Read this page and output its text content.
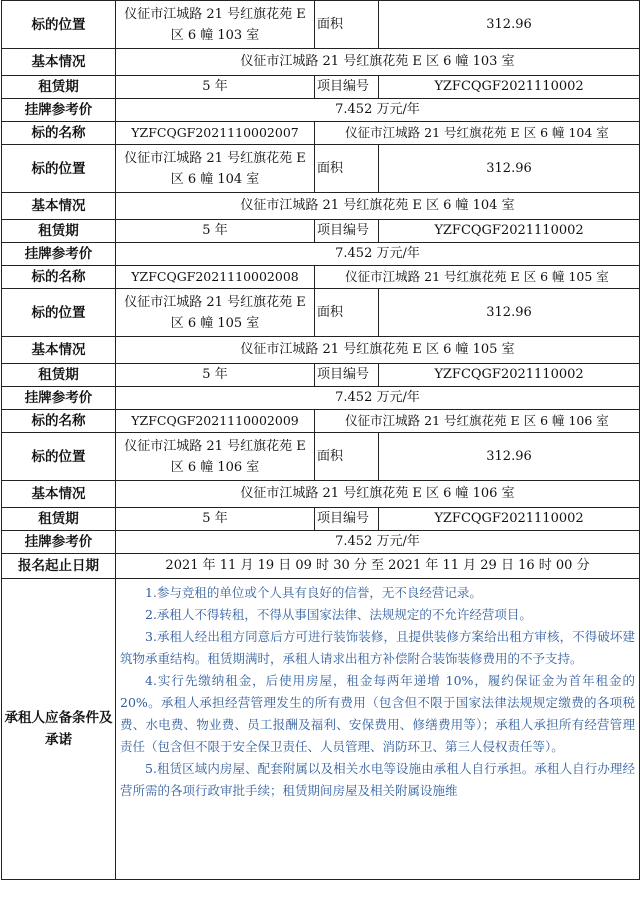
标的位置	仪征市江城路 21 号红旗花苑 E 区 6 幢 103 室	面积	312.96
基本情况	仪征市江城路 21 号红旗花苑 E 区 6 幢 103 室		
租赁期	5 年	项目编号	YZFCQGF2021110002
挂牌参考价	7.452 万元/年		
标的名称	YZFCQGF2021110002007	仪征市江城路 21 号红旗花苑 E 区 6 幢 104 室	
标的位置	仪征市江城路 21 号红旗花苑 E 区 6 幢 104 室	面积	312.96
基本情况	仪征市江城路 21 号红旗花苑 E 区 6 幢 104 室		
租赁期	5 年	项目编号	YZFCQGF2021110002
挂牌参考价	7.452 万元/年		
标的名称	YZFCQGF2021110002008	仪征市江城路 21 号红旗花苑 E 区 6 幢 105 室	
标的位置	仪征市江城路 21 号红旗花苑 E 区 6 幢 105 室	面积	312.96
基本情况	仪征市江城路 21 号红旗花苑 E 区 6 幢 105 室		
租赁期	5 年	项目编号	YZFCQGF2021110002
挂牌参考价	7.452 万元/年		
标的名称	YZFCQGF2021110002009	仪征市江城路 21 号红旗花苑 E 区 6 幢 106 室	
标的位置	仪征市江城路 21 号红旗花苑 E 区 6 幢 106 室	面积	312.96
基本情况	仪征市江城路 21 号红旗花苑 E 区 6 幢 106 室		
租赁期	5 年	项目编号	YZFCQGF2021110002
挂牌参考价	7.452 万元/年		
报名起止日期	2021 年 11 月 19 日 09 时 30 分 至 2021 年 11 月 29 日 16 时 00 分		
承租人应备条件及承诺	1.参与竞租的单位或个人具有良好的信誉，无不良经营记录。

2.承租人不得转租，不得从事国家法律、法规规定的不允许经营项目。

3.承租人经出租方同意后方可进行装饰装修，且提供装修方案给出租方审核，不得破坏建筑物承重结构。租赁期满时，承租人请求出租方补偿附合装饰装修费用的不予支持。

4.实行先缴纳租金，后使用房屋，租金每两年递增 10%，履约保证金为首年租金的 20%。承租人承担经营管理发生的所有费用（包含但不限于国家法律法规规定缴费的各项税费、水电费、物业费、员工报酬及福利、安保费用、修缮费用等）；承租人承担所有经营管理责任（包含但不限于安全保卫责任、人员管理、消防环卫、第三人侵权责任等）。

5.租赁区域内房屋、配套附属以及相关水电等设施由承租人自行承担。承租人自行办理经营所需的各项行政审批手续；租赁期间房屋及相关附属设施维		
